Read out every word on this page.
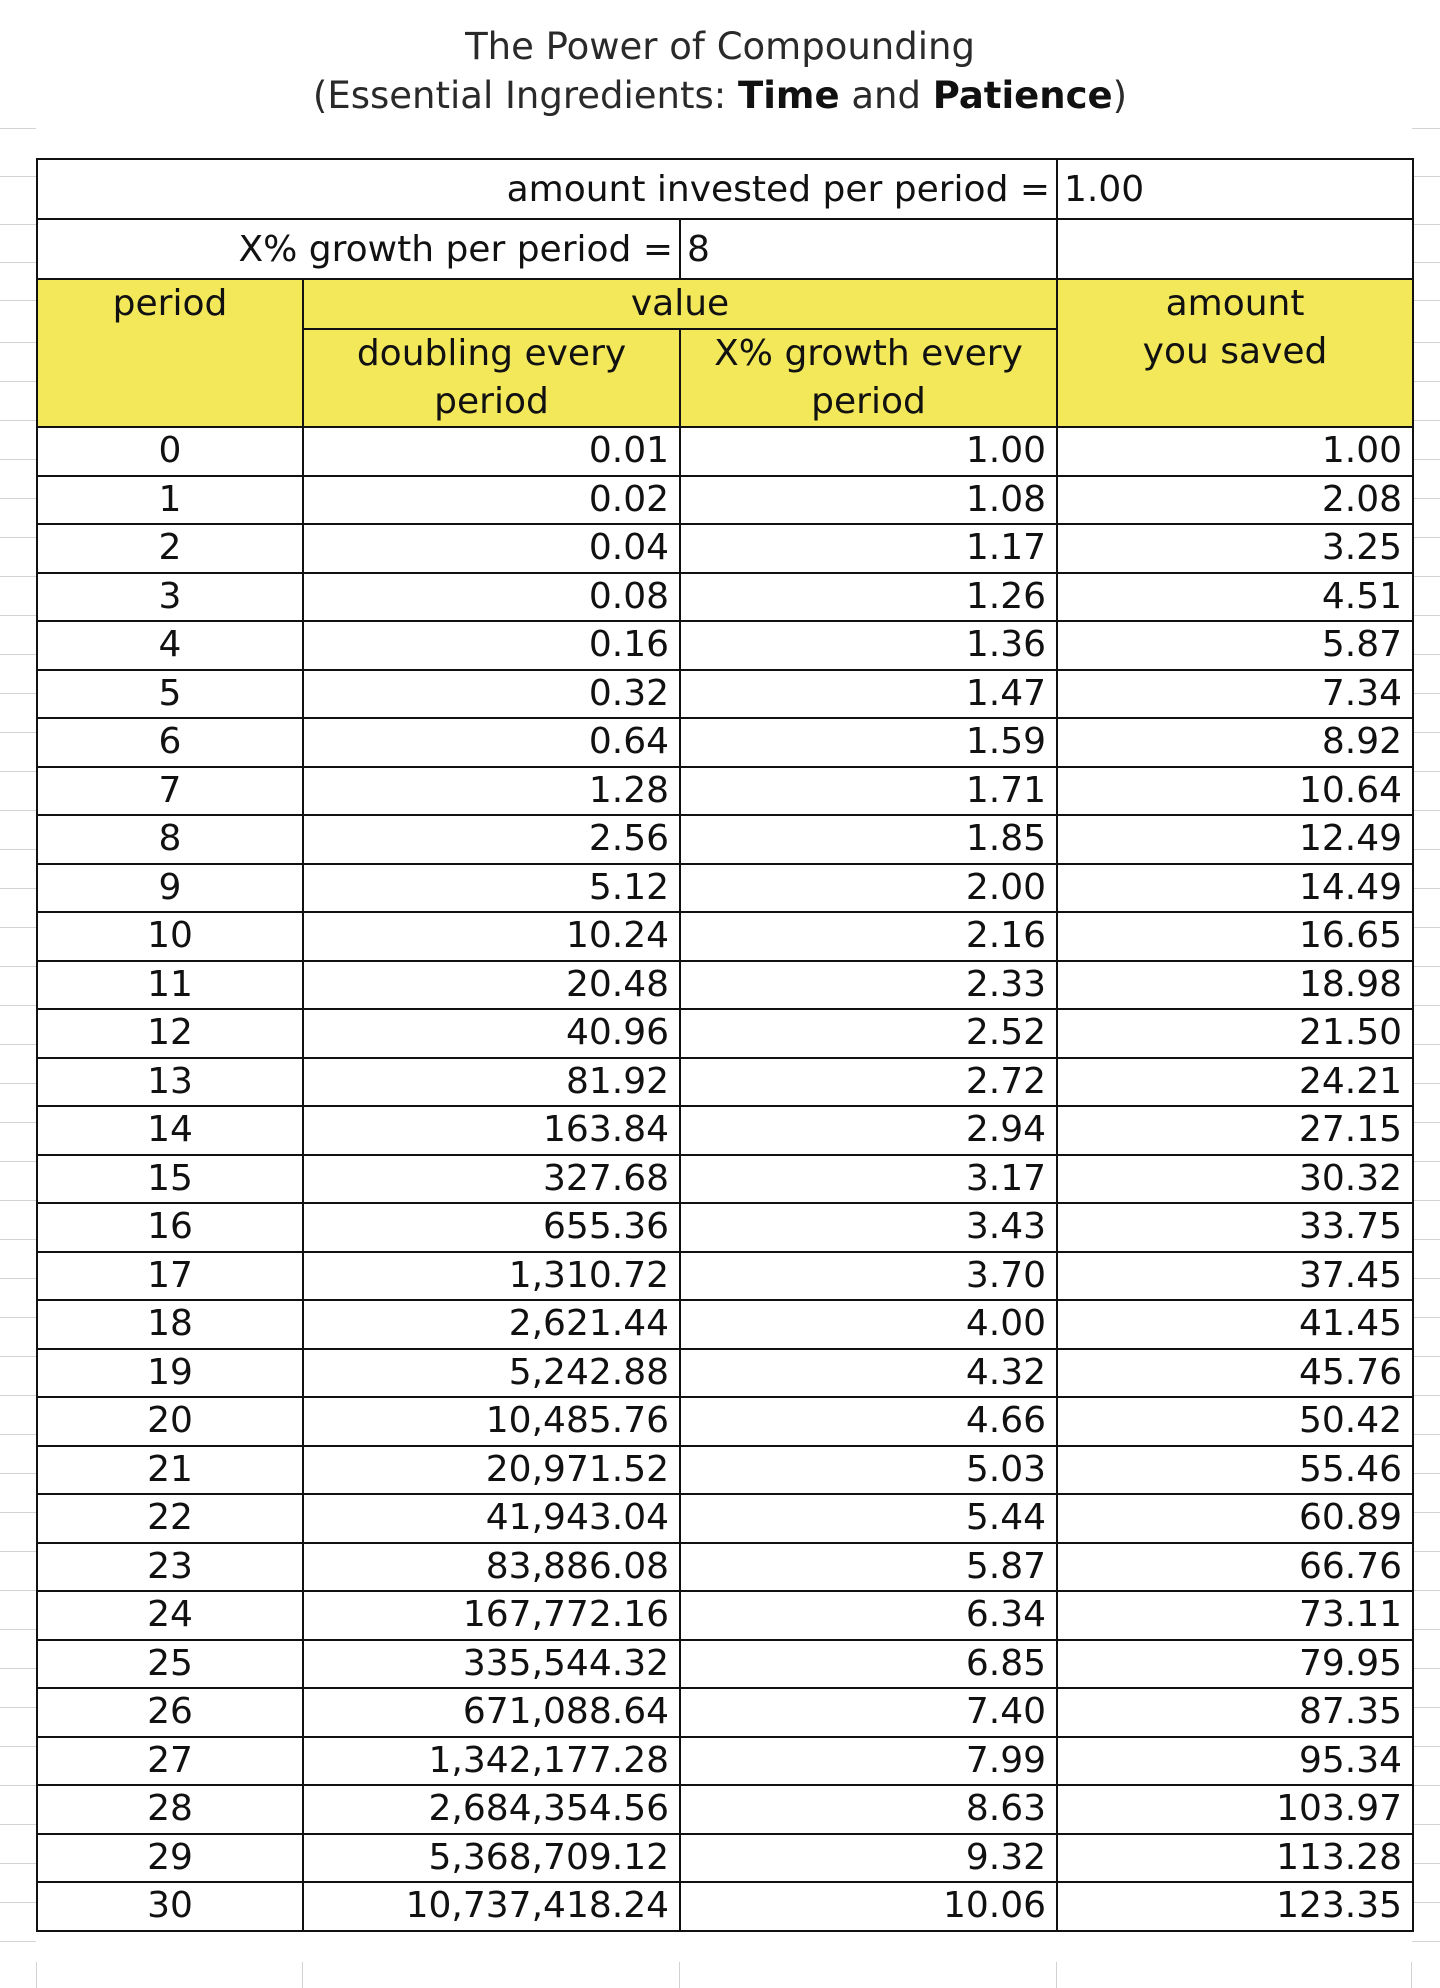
The Power of Compounding
(Essential Ingredients: Time and Patience)
amount invested per period =			1.00
X% growth per period =		8	
period	value		amount you saved
	doubling every period	X% growth every period	
0	0.01	1.00	1.00
1	0.02	1.08	2.08
2	0.04	1.17	3.25
3	0.08	1.26	4.51
4	0.16	1.36	5.87
5	0.32	1.47	7.34
6	0.64	1.59	8.92
7	1.28	1.71	10.64
8	2.56	1.85	12.49
9	5.12	2.00	14.49
10	10.24	2.16	16.65
11	20.48	2.33	18.98
12	40.96	2.52	21.50
13	81.92	2.72	24.21
14	163.84	2.94	27.15
15	327.68	3.17	30.32
16	655.36	3.43	33.75
17	1,310.72	3.70	37.45
18	2,621.44	4.00	41.45
19	5,242.88	4.32	45.76
20	10,485.76	4.66	50.42
21	20,971.52	5.03	55.46
22	41,943.04	5.44	60.89
23	83,886.08	5.87	66.76
24	167,772.16	6.34	73.11
25	335,544.32	6.85	79.95
26	671,088.64	7.40	87.35
27	1,342,177.28	7.99	95.34
28	2,684,354.56	8.63	103.97
29	5,368,709.12	9.32	113.28
30	10,737,418.24	10.06	123.35
